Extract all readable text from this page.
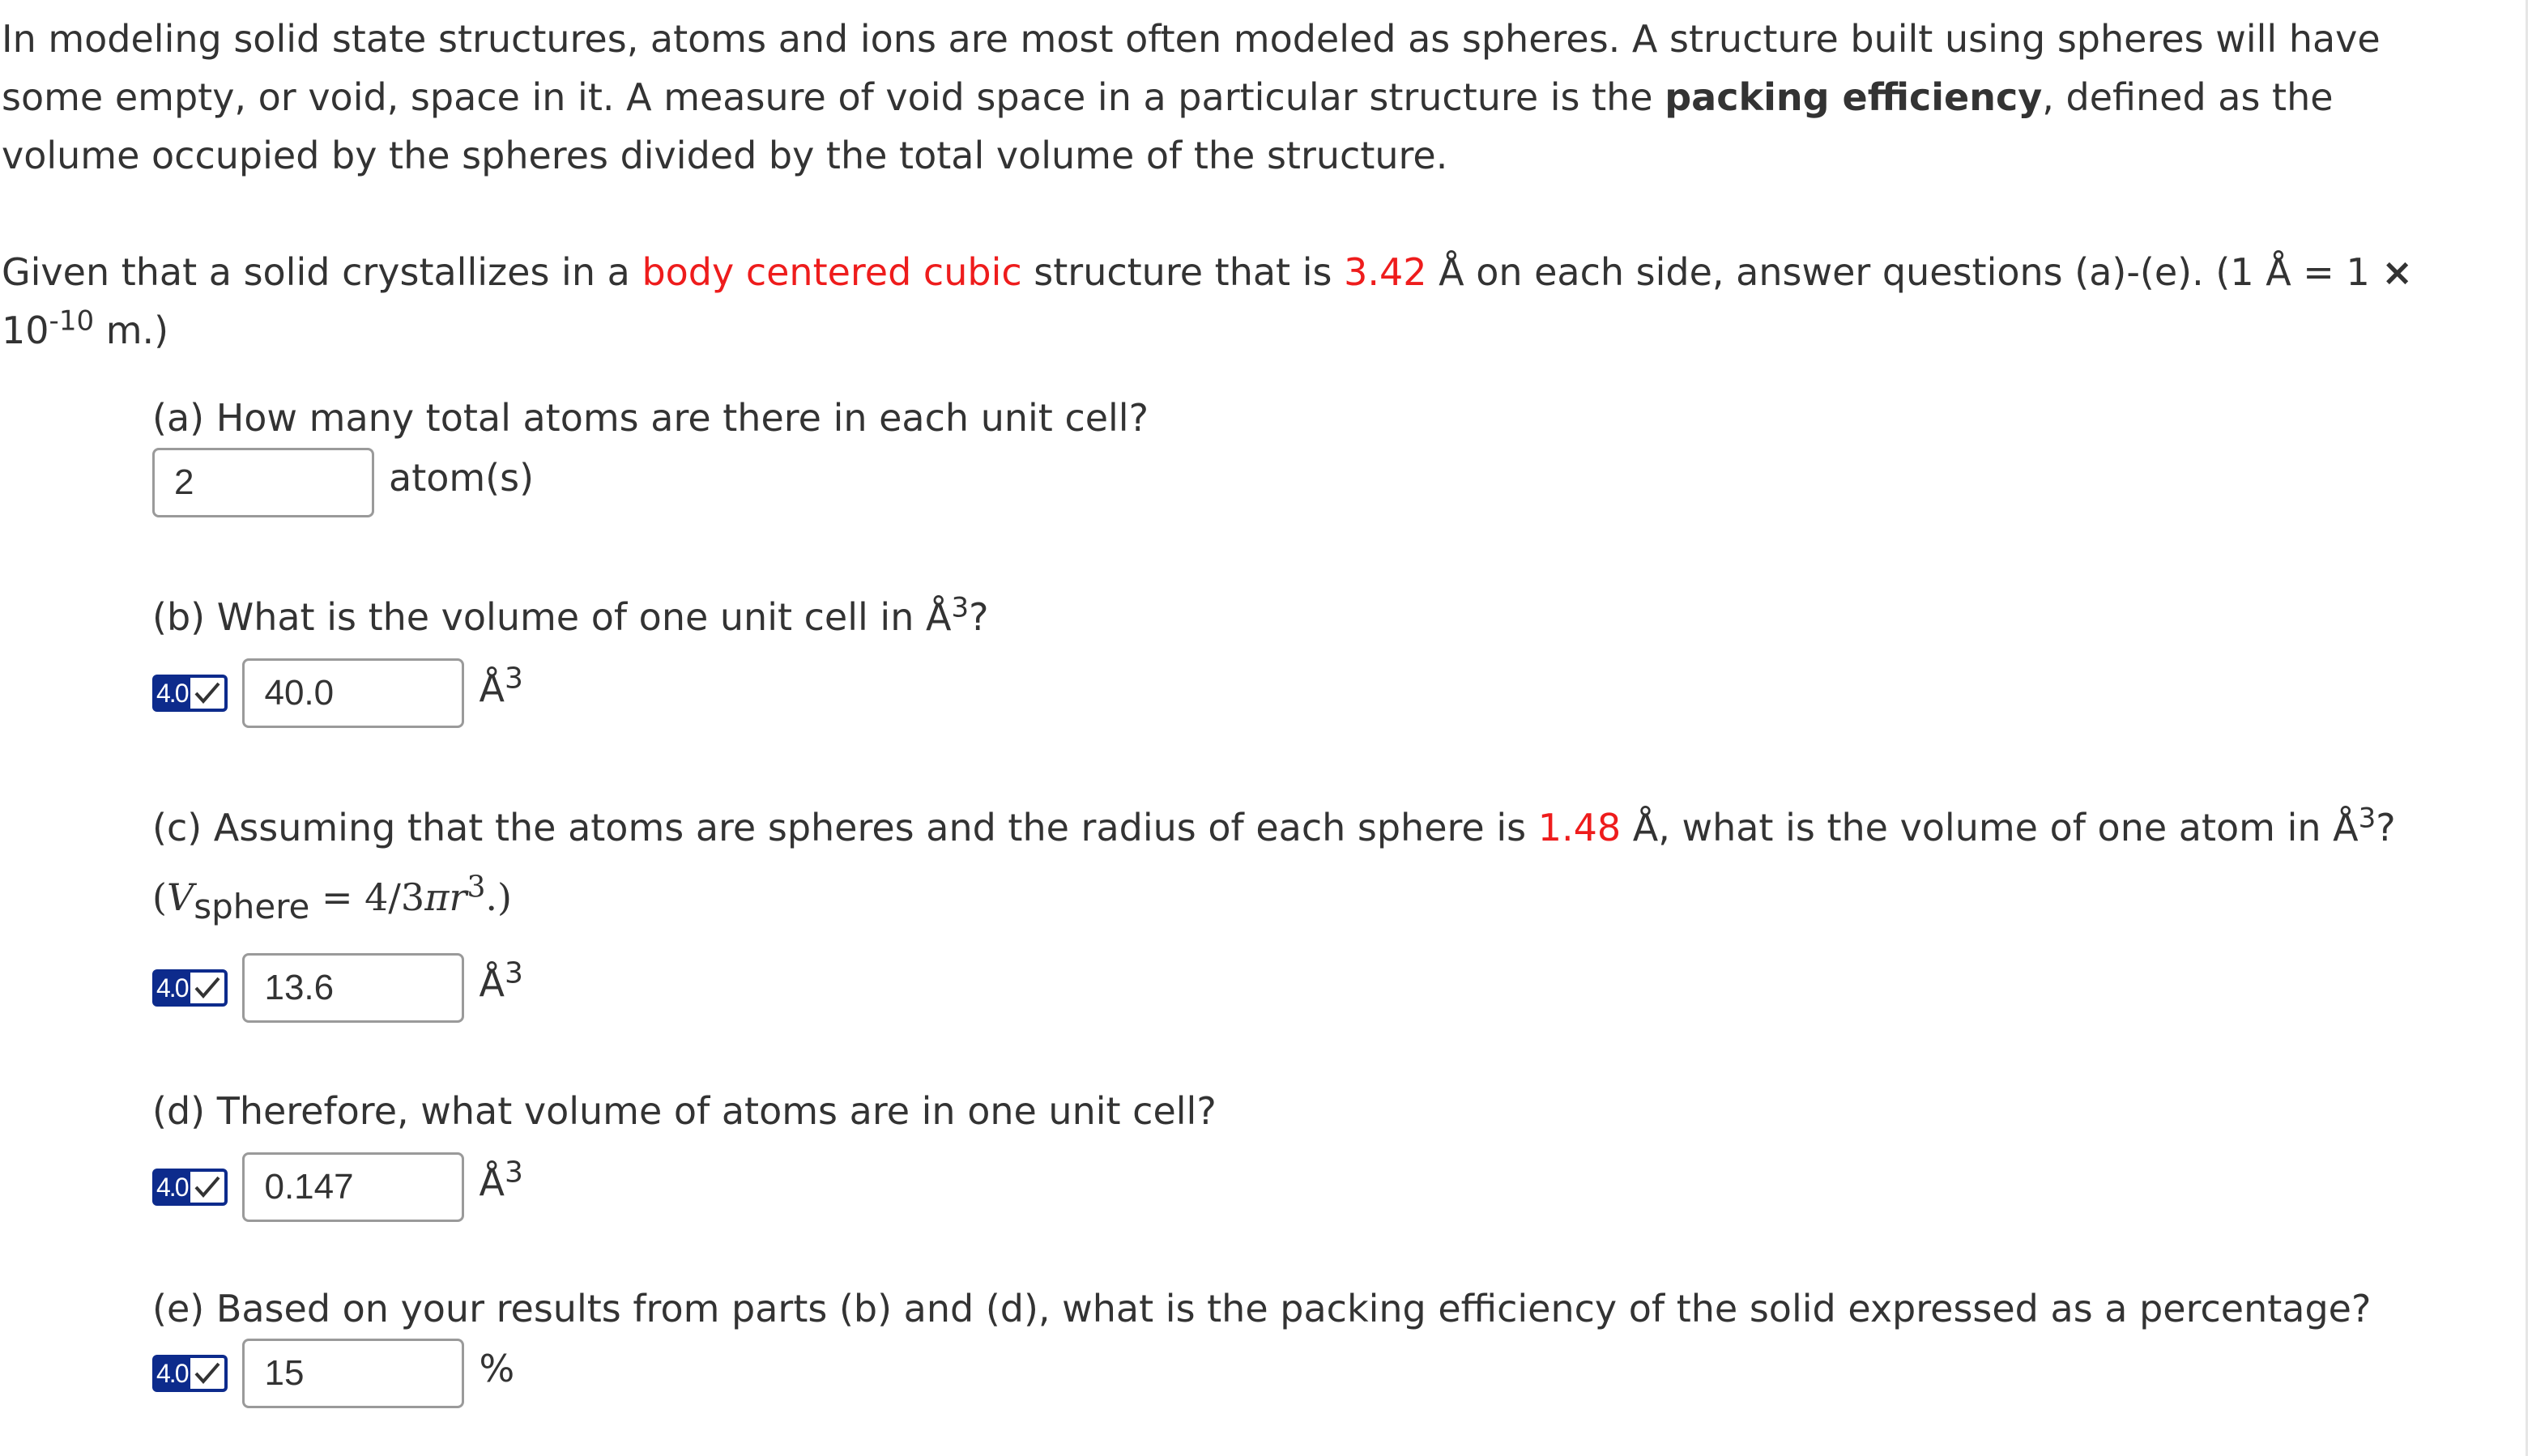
In modeling solid state structures, atoms and ions are most often modeled as spheres. A structure built using spheres will have some empty, or void, space in it. A measure of void space in a particular structure is the packing efficiency, defined as the volume occupied by the spheres divided by the total volume of the structure.

Given that a solid crystallizes in a body centered cubic structure that is 3.42 Å on each side, answer questions (a)-(e). (1 Å = $1 \times 10^{-10}$ m.)

(a) How many total atoms are there in each unit cell?

2
atom(s)

(b) What is the volume of one unit cell in $Å^3$?

4.0
40.0	$Å^3$

(c) Assuming that the atoms are spheres and the radius of each sphere is 1.48 Å, what is the volume of one atom in $Å^3$?

$(V_{sphere} = 4/3\pi r^3.)$

4.0
13.6	$Å^3$

(d) Therefore, what volume of atoms are in one unit cell?

4.0
0.147	$Å^3$

(e) Based on your results from parts (b) and (d), what is the packing efficiency of the solid expressed as a percentage?

4.0
15	%
